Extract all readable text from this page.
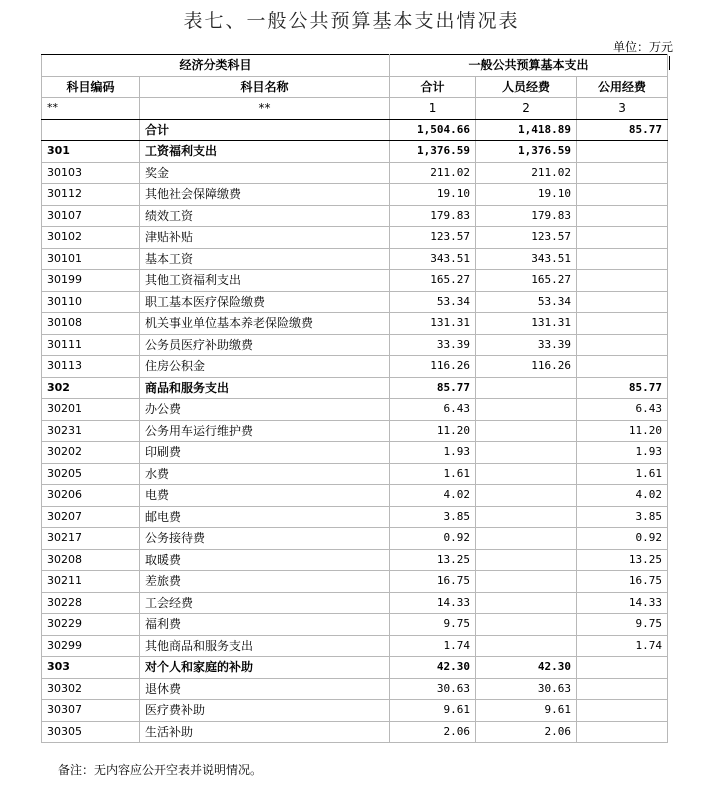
表七、一般公共预算基本支出情况表
单位：万元
经济分类科目		一般公共预算基本支出		
科目编码	科目名称	合计	人员经费	公用经费
**	**	1	2	3
	合计	1,504.66	1,418.89	85.77
301	工资福利支出	1,376.59	1,376.59	
30103	奖金	211.02	211.02	
30112	其他社会保障缴费	19.10	19.10	
30107	绩效工资	179.83	179.83	
30102	津贴补贴	123.57	123.57	
30101	基本工资	343.51	343.51	
30199	其他工资福利支出	165.27	165.27	
30110	职工基本医疗保险缴费	53.34	53.34	
30108	机关事业单位基本养老保险缴费	131.31	131.31	
30111	公务员医疗补助缴费	33.39	33.39	
30113	住房公积金	116.26	116.26	
302	商品和服务支出	85.77		85.77
30201	办公费	6.43		6.43
30231	公务用车运行维护费	11.20		11.20
30202	印刷费	1.93		1.93
30205	水费	1.61		1.61
30206	电费	4.02		4.02
30207	邮电费	3.85		3.85
30217	公务接待费	0.92		0.92
30208	取暖费	13.25		13.25
30211	差旅费	16.75		16.75
30228	工会经费	14.33		14.33
30229	福利费	9.75		9.75
30299	其他商品和服务支出	1.74		1.74
303	对个人和家庭的补助	42.30	42.30	
30302	退休费	30.63	30.63	
30307	医疗费补助	9.61	9.61	
30305	生活补助	2.06	2.06	
备注：无内容应公开空表并说明情况。
